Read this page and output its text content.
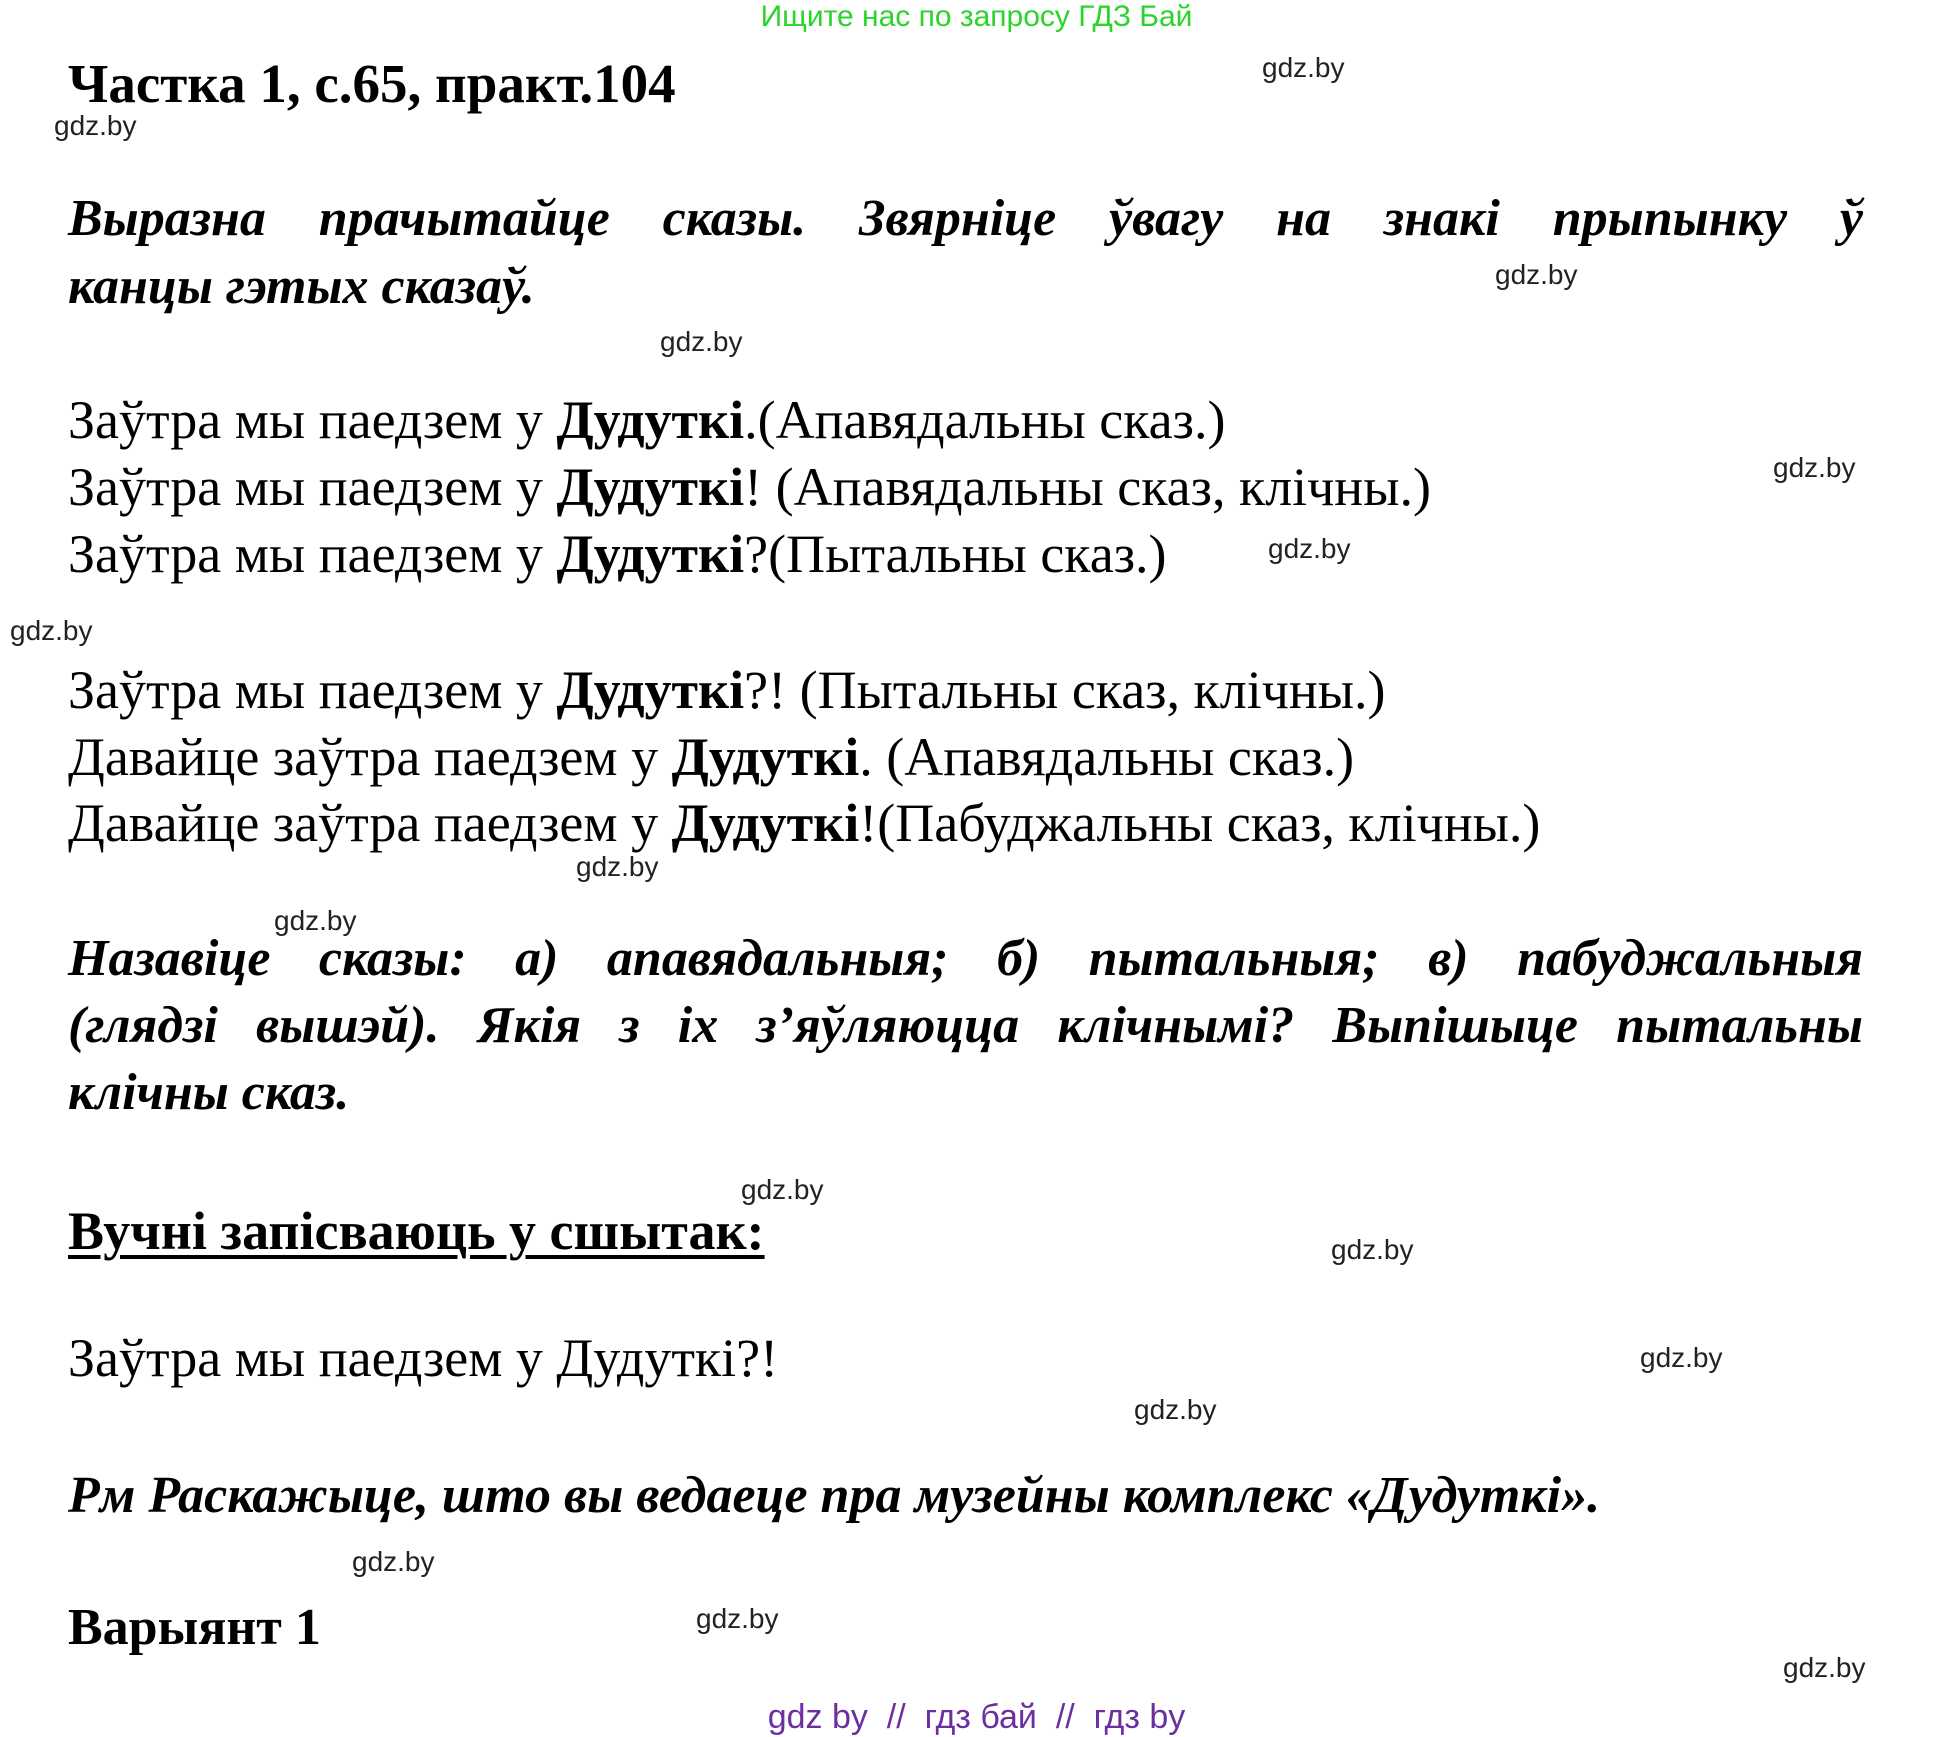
Ищите нас по запросу ГДЗ Бай
Частка 1, с.65, практ.104
Выразна прачытайце сказы. Звярніце ўвагу на знакі прыпынку ў
канцы гэтых сказаў.
Заўтра мы паедзем у Дудуткі.(Апавядальны сказ.)
Заўтра мы паедзем у Дудуткі! (Апавядальны сказ, клічны.)
Заўтра мы паедзем у Дудуткі?(Пытальны сказ.)
Заўтра мы паедзем у Дудуткі?! (Пытальны сказ, клічны.)
Давайце заўтра паедзем у Дудуткі. (Апавядальны сказ.)
Давайце заўтра паедзем у Дудуткі!(Пабуджальны сказ, клічны.)
Назавіце сказы: а) апавядальныя; б) пытальныя; в) пабуджальныя
(глядзі вышэй). Якія з іх з’яўляюцца клічнымі? Выпішыце пытальны
клічны сказ.
Вучні запісваюць у сшытак:
Заўтра мы паедзем у Дудуткі?!
Рм Раскажыце, што вы ведаеце пра музейны комплекс «Дудуткі».
Варыянт 1
gdz.by
gdz.by
gdz.by
gdz.by
gdz.by
gdz.by
gdz.by
gdz.by
gdz.by
gdz.by
gdz.by
gdz.by
gdz.by
gdz.by
gdz.by
gdz.by
gdz by  //  гдз бай  //  гдз by
